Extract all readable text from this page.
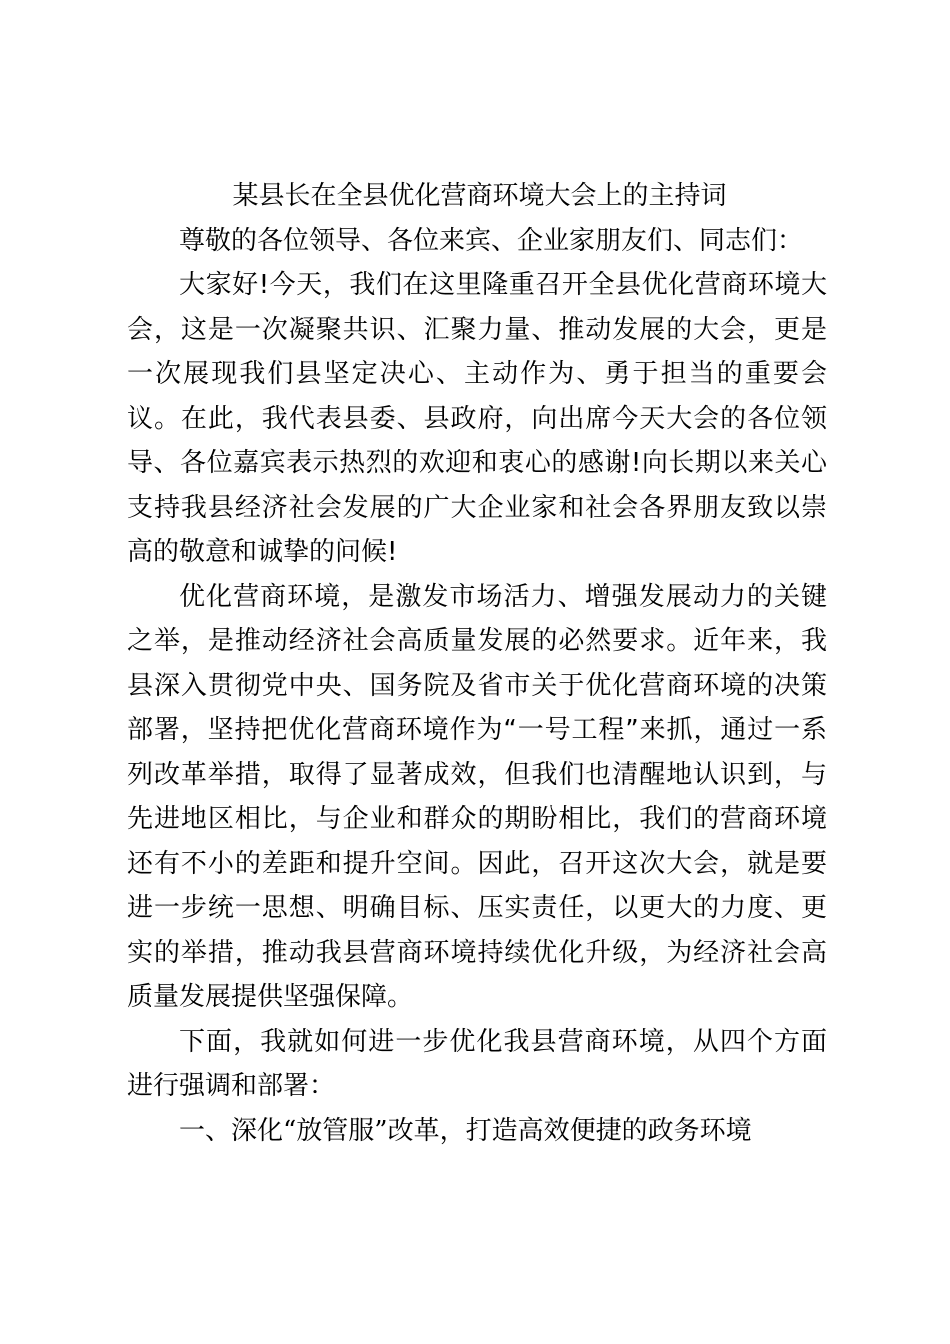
某县长在全县优化营商环境大会上的主持词

尊敬的各位领导、各位来宾、企业家朋友们、同志们：

大家好!今天，我们在这里隆重召开全县优化营商环境大会，这是一次凝聚共识、汇聚力量、推动发展的大会，更是一次展现我们县坚定决心、主动作为、勇于担当的重要会议。在此，我代表县委、县政府，向出席今天大会的各位领导、各位嘉宾表示热烈的欢迎和衷心的感谢!向长期以来关心支持我县经济社会发展的广大企业家和社会各界朋友致以崇高的敬意和诚挚的问候!

优化营商环境，是激发市场活力、增强发展动力的关键之举，是推动经济社会高质量发展的必然要求。近年来，我县深入贯彻党中央、国务院及省市关于优化营商环境的决策部署，坚持把优化营商环境作为“一号工程”来抓，通过一系列改革举措，取得了显著成效，但我们也清醒地认识到，与先进地区相比，与企业和群众的期盼相比，我们的营商环境还有不小的差距和提升空间。因此，召开这次大会，就是要进一步统一思想、明确目标、压实责任，以更大的力度、更实的举措，推动我县营商环境持续优化升级，为经济社会高质量发展提供坚强保障。

下面，我就如何进一步优化我县营商环境，从四个方面进行强调和部署：

一、深化“放管服”改革，打造高效便捷的政务环境
